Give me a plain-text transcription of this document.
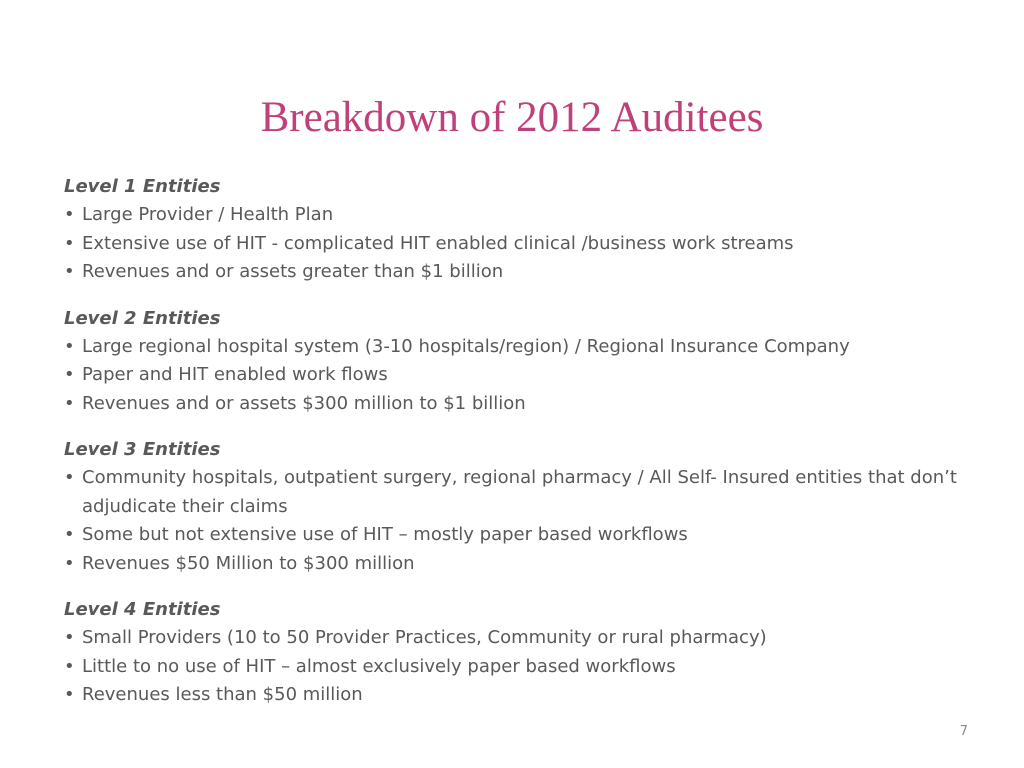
Breakdown of 2012 Auditees

Level 1 Entities

• Large Provider / Health Plan
• Extensive use of HIT - complicated HIT enabled clinical /business work streams
• Revenues and or assets greater than $1 billion

Level 2 Entities

• Large regional hospital system (3-10 hospitals/region) / Regional Insurance Company
• Paper and HIT enabled work flows
• Revenues and or assets $300 million to $1 billion

Level 3 Entities

• Community hospitals, outpatient surgery, regional pharmacy / All Self- Insured entities that don’t adjudicate their claims
• Some but not extensive use of HIT – mostly paper based workflows
• Revenues $50 Million to $300 million

Level 4 Entities

• Small Providers (10 to 50 Provider Practices, Community or rural pharmacy)
• Little to no use of HIT – almost exclusively paper based workflows
• Revenues less than $50 million
7
